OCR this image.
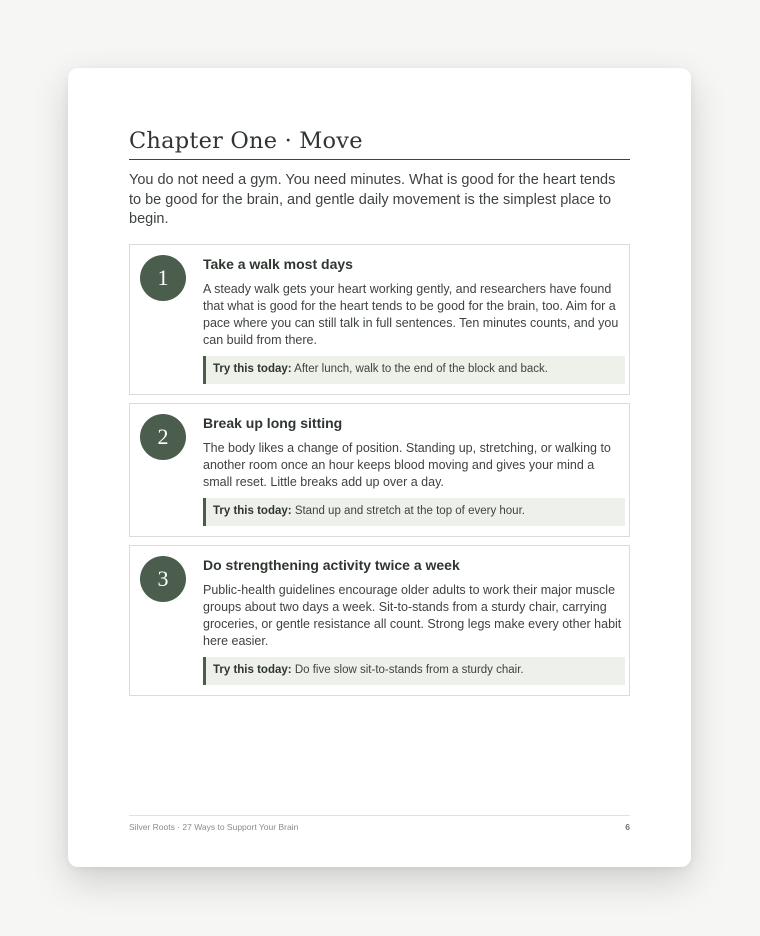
Chapter One · Move

You do not need a gym. You need minutes. What is good for the heart tends to be good for the brain, and gentle daily movement is the simplest place to begin.

1
Take a walk most days

A steady walk gets your heart working gently, and researchers have found that what is good for the heart tends to be good for the brain, too. Aim for a pace where you can still talk in full sentences. Ten minutes counts, and you can build from there.

Try this today: After lunch, walk to the end of the block and back.
2
Break up long sitting

The body likes a change of position. Standing up, stretching, or walking to another room once an hour keeps blood moving and gives your mind a small reset. Little breaks add up over a day.

Try this today: Stand up and stretch at the top of every hour.
3
Do strengthening activity twice a week

Public-health guidelines encourage older adults to work their major muscle groups about two days a week. Sit-to-stands from a sturdy chair, carrying groceries, or gentle resistance all count. Strong legs make every other habit here easier.

Try this today: Do five slow sit-to-stands from a sturdy chair.
Silver Roots · 27 Ways to Support Your Brain	6
